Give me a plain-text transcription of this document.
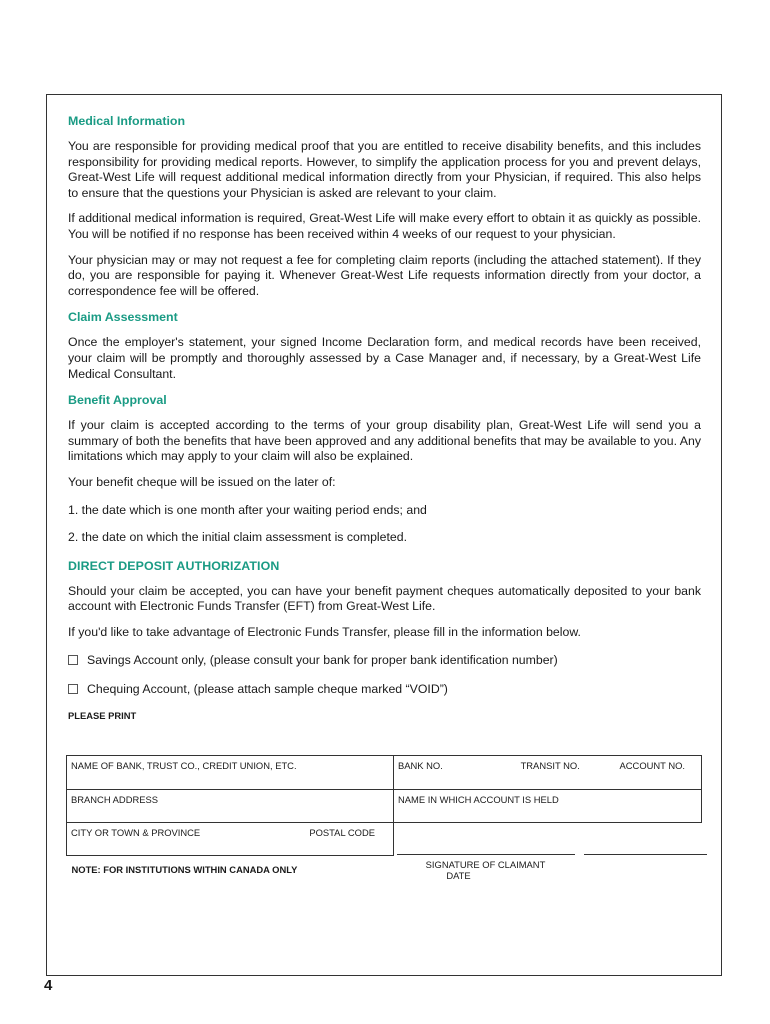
Medical Information

You are responsible for providing medical proof that you are entitled to receive disability benefits, and this includes responsibility for providing medical reports. However, to simplify the application process for you and prevent delays, Great-West Life will request additional medical information directly from your Physician, if required. This also helps to ensure that the questions your Physician is asked are relevant to your claim.

If additional medical information is required, Great-West Life will make every effort to obtain it as quickly as possible. You will be notified if no response has been received within 4 weeks of our request to your physician.

Your physician may or may not request a fee for completing claim reports (including the attached statement). If they do, you are responsible for paying it. Whenever Great-West Life requests information directly from your doctor, a correspondence fee will be offered.

Claim Assessment

Once the employer's statement, your signed Income Declaration form, and medical records have been received, your claim will be promptly and thoroughly assessed by a Case Manager and, if necessary, by a Great-West Life Medical Consultant.

Benefit Approval

If your claim is accepted according to the terms of your group disability plan, Great-West Life will send you a summary of both the benefits that have been approved and any additional benefits that may be available to you. Any limitations which may apply to your claim will also be explained.

Your benefit cheque will be issued on the later of:

1. the date which is one month after your waiting period ends; and

2. the date on which the initial claim assessment is completed.

DIRECT DEPOSIT AUTHORIZATION

Should your claim be accepted, you can have your benefit payment cheques automatically deposited to your bank account with Electronic Funds Transfer (EFT) from Great-West Life.

If you'd like to take advantage of Electronic Funds Transfer, please fill in the information below.

Savings Account only, (please consult your bank for proper bank identification number)
Chequing Account, (please attach sample cheque marked “VOID”)
PLEASE PRINT
NAME OF BANK, TRUST CO., CREDIT UNION, ETC.	BANK NO. TRANSIT NO. ACCOUNT NO.

BRANCH ADDRESS	NAME IN WHICH ACCOUNT IS HELD

CITY OR TOWN & PROVINCE POSTAL CODE	

NOTE: FOR INSTITUTIONS WITHIN CANADA ONLY	SIGNATURE OF CLAIMANT DATE
4
